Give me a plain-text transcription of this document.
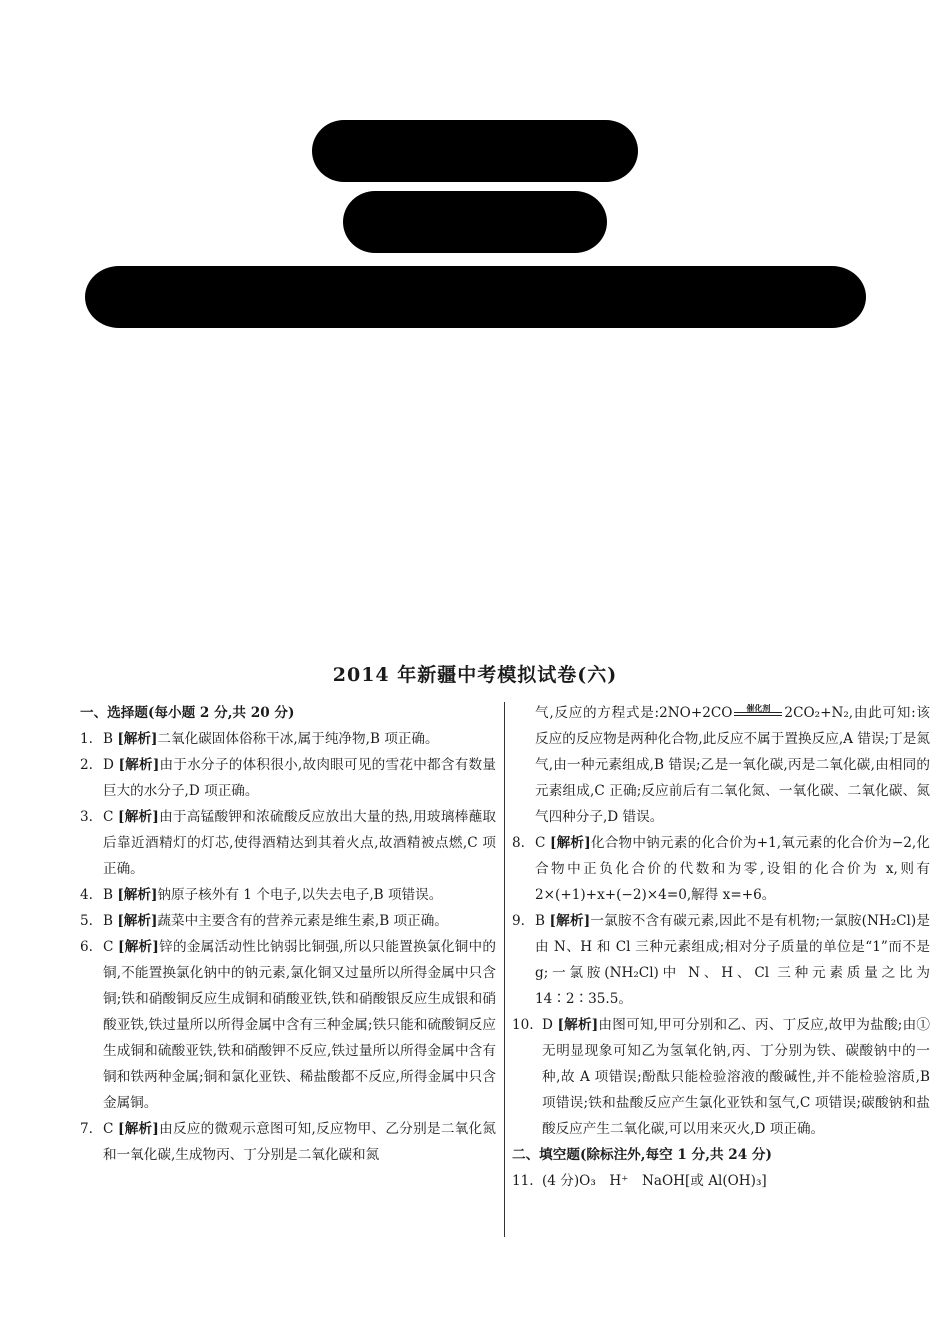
2014 年新疆中考模拟试卷(六)
一、选择题(每小题 2 分,共 20 分)
1. B [解析]二氧化碳固体俗称干冰,属于纯净物,B 项正确。
2. D [解析]由于水分子的体积很小,故肉眼可见的雪花中都含有数量巨大的水分子,D 项正确。
3. C [解析]由于高锰酸钾和浓硫酸反应放出大量的热,用玻璃棒蘸取后靠近酒精灯的灯芯,使得酒精达到其着火点,故酒精被点燃,C 项正确。
4. B [解析]钠原子核外有 1 个电子,以失去电子,B 项错误。
5. B [解析]蔬菜中主要含有的营养元素是维生素,B 项正确。
6. C [解析]锌的金属活动性比钠弱比铜强,所以只能置换氯化铜中的铜,不能置换氯化钠中的钠元素,氯化铜又过量所以所得金属中只含铜;铁和硝酸铜反应生成铜和硝酸亚铁,铁和硝酸银反应生成银和硝酸亚铁,铁过量所以所得金属中含有三种金属;铁只能和硫酸铜反应生成铜和硫酸亚铁,铁和硝酸钾不反应,铁过量所以所得金属中含有铜和铁两种金属;铜和氯化亚铁、稀盐酸都不反应,所得金属中只含金属铜。
7. C [解析]由反应的微观示意图可知,反应物甲、乙分别是二氧化氮和一氧化碳,生成物丙、丁分别是二氧化碳和氮
气,反应的方程式是:2NO+2CO	催化剂	2CO₂+N₂,由此可知:该反应的反应物是两种化合物,此反应不属于置换反应,A 错误;丁是氮气,由一种元素组成,B 错误;乙是一氧化碳,丙是二氧化碳,由相同的元素组成,C 正确;反应前后有二氧化氮、一氧化碳、二氧化碳、氮气四种分子,D 错误。
8. C [解析]化合物中钠元素的化合价为+1,氧元素的化合价为−2,化合物中正负化合价的代数和为零,设钼的化合价为 x,则有 2×(+1)+x+(−2)×4=0,解得 x=+6。
9. B [解析]一氯胺不含有碳元素,因此不是有机物;一氯胺(NH₂Cl)是由 N、H 和 Cl 三种元素组成;相对分子质量的单位是“1”而不是 g;一氯胺(NH₂Cl)中 N、H、Cl 三种元素质量之比为 14∶2∶35.5。
10. D [解析]由图可知,甲可分别和乙、丙、丁反应,故甲为盐酸;由①无明显现象可知乙为氢氧化钠,丙、丁分别为铁、碳酸钠中的一种,故 A 项错误;酚酞只能检验溶液的酸碱性,并不能检验溶质,B 项错误;铁和盐酸反应产生氯化亚铁和氢气,C 项错误;碳酸钠和盐酸反应产生二氧化碳,可以用来灭火,D 项正确。
二、填空题(除标注外,每空 1 分,共 24 分)
11. (4 分)O₃　H⁺　NaOH[或 Al(OH)₃]
